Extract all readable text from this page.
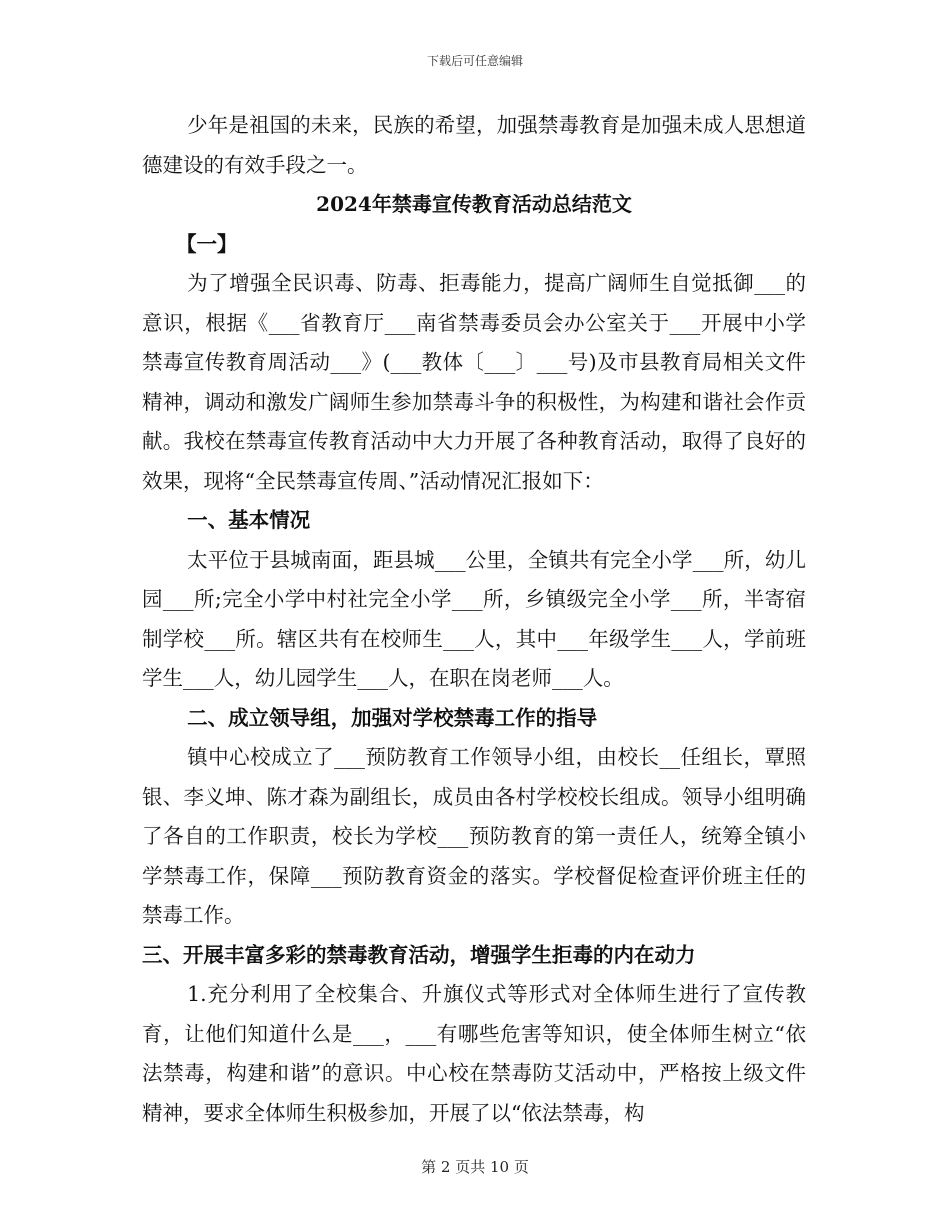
下载后可任意编辑

少年是祖国的未来，民族的希望，加强禁毒教育是加强未成人思想道德建设的有效手段之一。

2024年禁毒宣传教育活动总结范文

【一】

为了增强全民识毒、防毒、拒毒能力，提高广阔师生自觉抵御___的意识，根据《___省教育厅___南省禁毒委员会办公室关于___开展中小学禁毒宣传教育周活动___》(___教体〔___〕___号)及市县教育局相关文件精神，调动和激发广阔师生参加禁毒斗争的积极性，为构建和谐社会作贡献。我校在禁毒宣传教育活动中大力开展了各种教育活动，取得了良好的效果，现将“全民禁毒宣传周、”活动情况汇报如下：

一、基本情况

太平位于县城南面，距县城___公里，全镇共有完全小学___所，幼儿园___所;完全小学中村社完全小学___所，乡镇级完全小学___所，半寄宿制学校___所。辖区共有在校师生___人，其中___年级学生___人，学前班学生___人，幼儿园学生___人，在职在岗老师___人。

二、成立领导组，加强对学校禁毒工作的指导

镇中心校成立了___预防教育工作领导小组，由校长__任组长，覃照银、李义坤、陈才森为副组长，成员由各村学校校长组成。领导小组明确了各自的工作职责，校长为学校___预防教育的第一责任人，统筹全镇小学禁毒工作，保障___预防教育资金的落实。学校督促检查评价班主任的禁毒工作。

三、开展丰富多彩的禁毒教育活动，增强学生拒毒的内在动力

1.充分利用了全校集合、升旗仪式等形式对全体师生进行了宣传教育，让他们知道什么是___，___有哪些危害等知识，使全体师生树立“依法禁毒，构建和谐”的意识。中心校在禁毒防艾活动中，严格按上级文件精神，要求全体师生积极参加，开展了以“依法禁毒，构

第 2 页共 10 页
